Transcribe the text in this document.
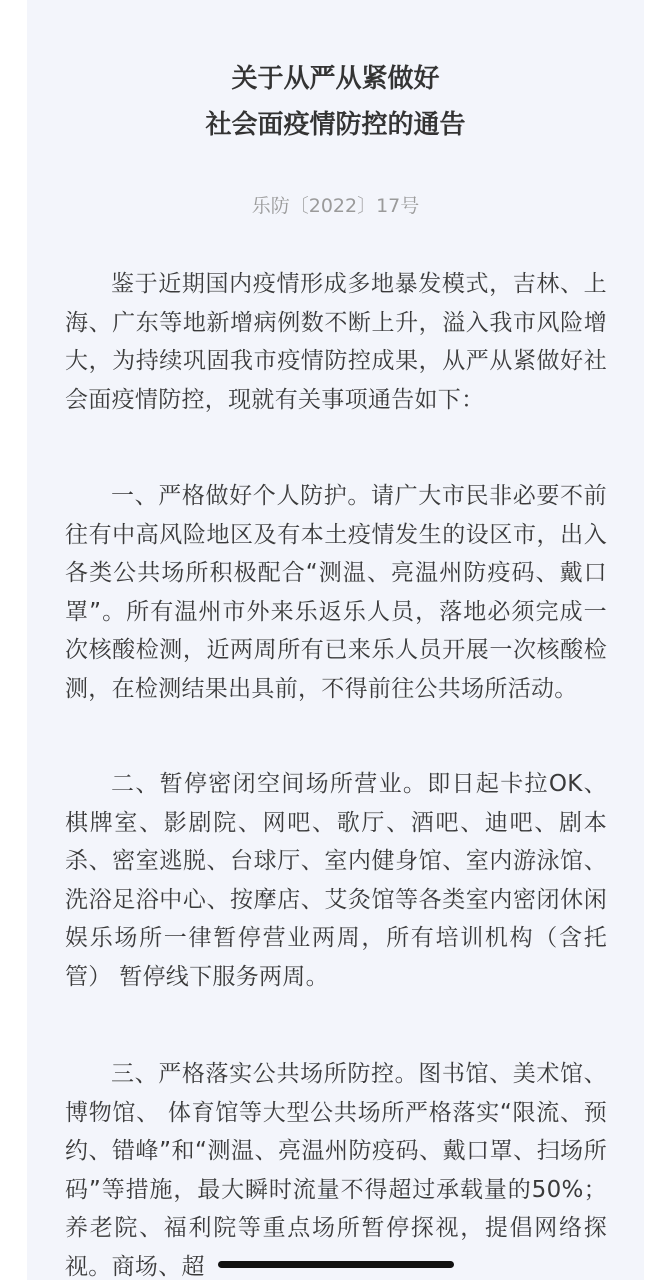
关于从严从紧做好
社会面疫情防控的通告
乐防〔2022〕17号

鉴于近期国内疫情形成多地暴发模式，吉林、上海、广东等地新增病例数不断上升，溢入我市风险增大，为持续巩固我市疫情防控成果，从严从紧做好社会面疫情防控，现就有关事项通告如下：

一、严格做好个人防护。请广大市民非必要不前往有中高风险地区及有本土疫情发生的设区市，出入各类公共场所积极配合“测温、亮温州防疫码、戴口罩”。所有温州市外来乐返乐人员，落地必须完成一次核酸检测，近两周所有已来乐人员开展一次核酸检测，在检测结果出具前，不得前往公共场所活动。

二、暂停密闭空间场所营业。即日起卡拉OK、棋牌室、影剧院、网吧、歌厅、酒吧、迪吧、剧本杀、密室逃脱、台球厅、室内健身馆、室内游泳馆、洗浴足浴中心、按摩店、艾灸馆等各类室内密闭休闲娱乐场所一律暂停营业两周，所有培训机构（含托管） 暂停线下服务两周。

三、严格落实公共场所防控。图书馆、美术馆、博物馆、 体育馆等大型公共场所严格落实“限流、预约、错峰”和“测温、亮温州防疫码、戴口罩、扫场所码”等措施，最大瞬时流量不得超过承载量的50%；养老院、福利院等重点场所暂停探视，提倡网络探视。商场、超
